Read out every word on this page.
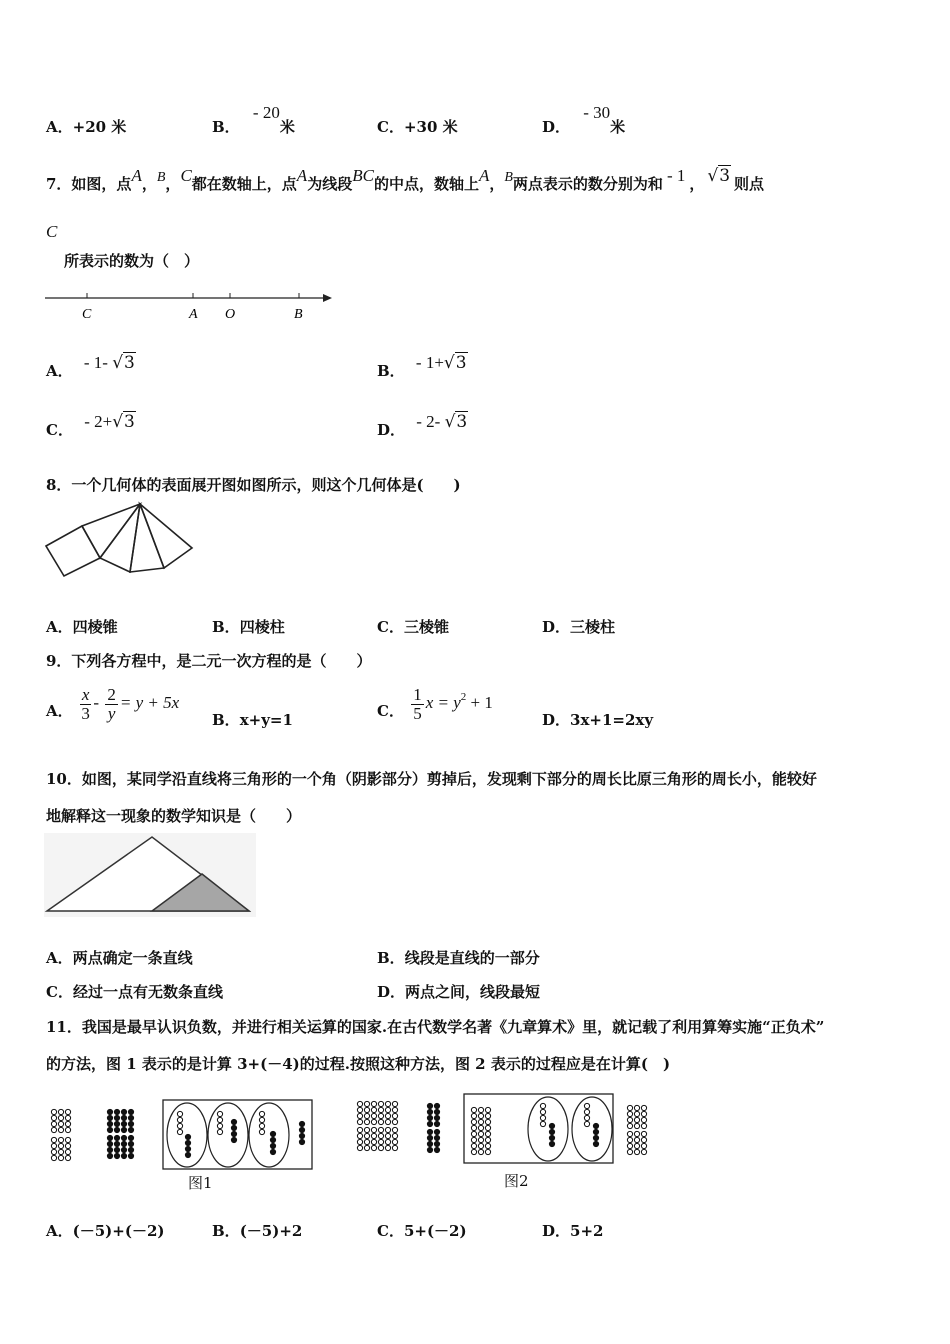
A．+20 米	B． - 20米	C．+30 米	D． - 30米
7．如图，点A，B，C都在数轴上，点A为线段BC的中点，数轴上A，B两点表示的数分别为和 - 1 ， √3 则点
C
所表示的数为（　）
C	A O	B
A． - 1- √3	B． - 1+√3
C． - 2+√3	D． - 2- √3
8．一个几何体的表面展开图如图所示，则这个几何体是(　　)
A．四棱锥	B．四棱柱	C．三棱锥	D．三棱柱
9．下列各方程中，是二元一次方程的是（　　）
A． $\frac{x}{3} - \frac{2}{y} = y + 5x$
B．x+y=1	C． $\frac{1}{5}$ $x = y^2 + 1$
D．3x+1=2xy
10．如图，某同学沿直线将三角形的一个角（阴影部分）剪掉后，发现剩下部分的周长比原三角形的周长小，能较好
地解释这一现象的数学知识是（　　）
A．两点确定一条直线	B．线段是直线的一部分
C．经过一点有无数条直线	D．两点之间，线段最短
11．我国是最早认识负数，并进行相关运算的国家.在古代数学名著《九章算术》里，就记载了利用算筹实施“正负术”
的方法，图 1 表示的是计算 3+(－4)的过程.按照这种方法，图 2 表示的过程应是在计算(　)
图1	图2
A．(－5)+(－2)	B．(－5)+2	C．5+(－2)	D．5+2
